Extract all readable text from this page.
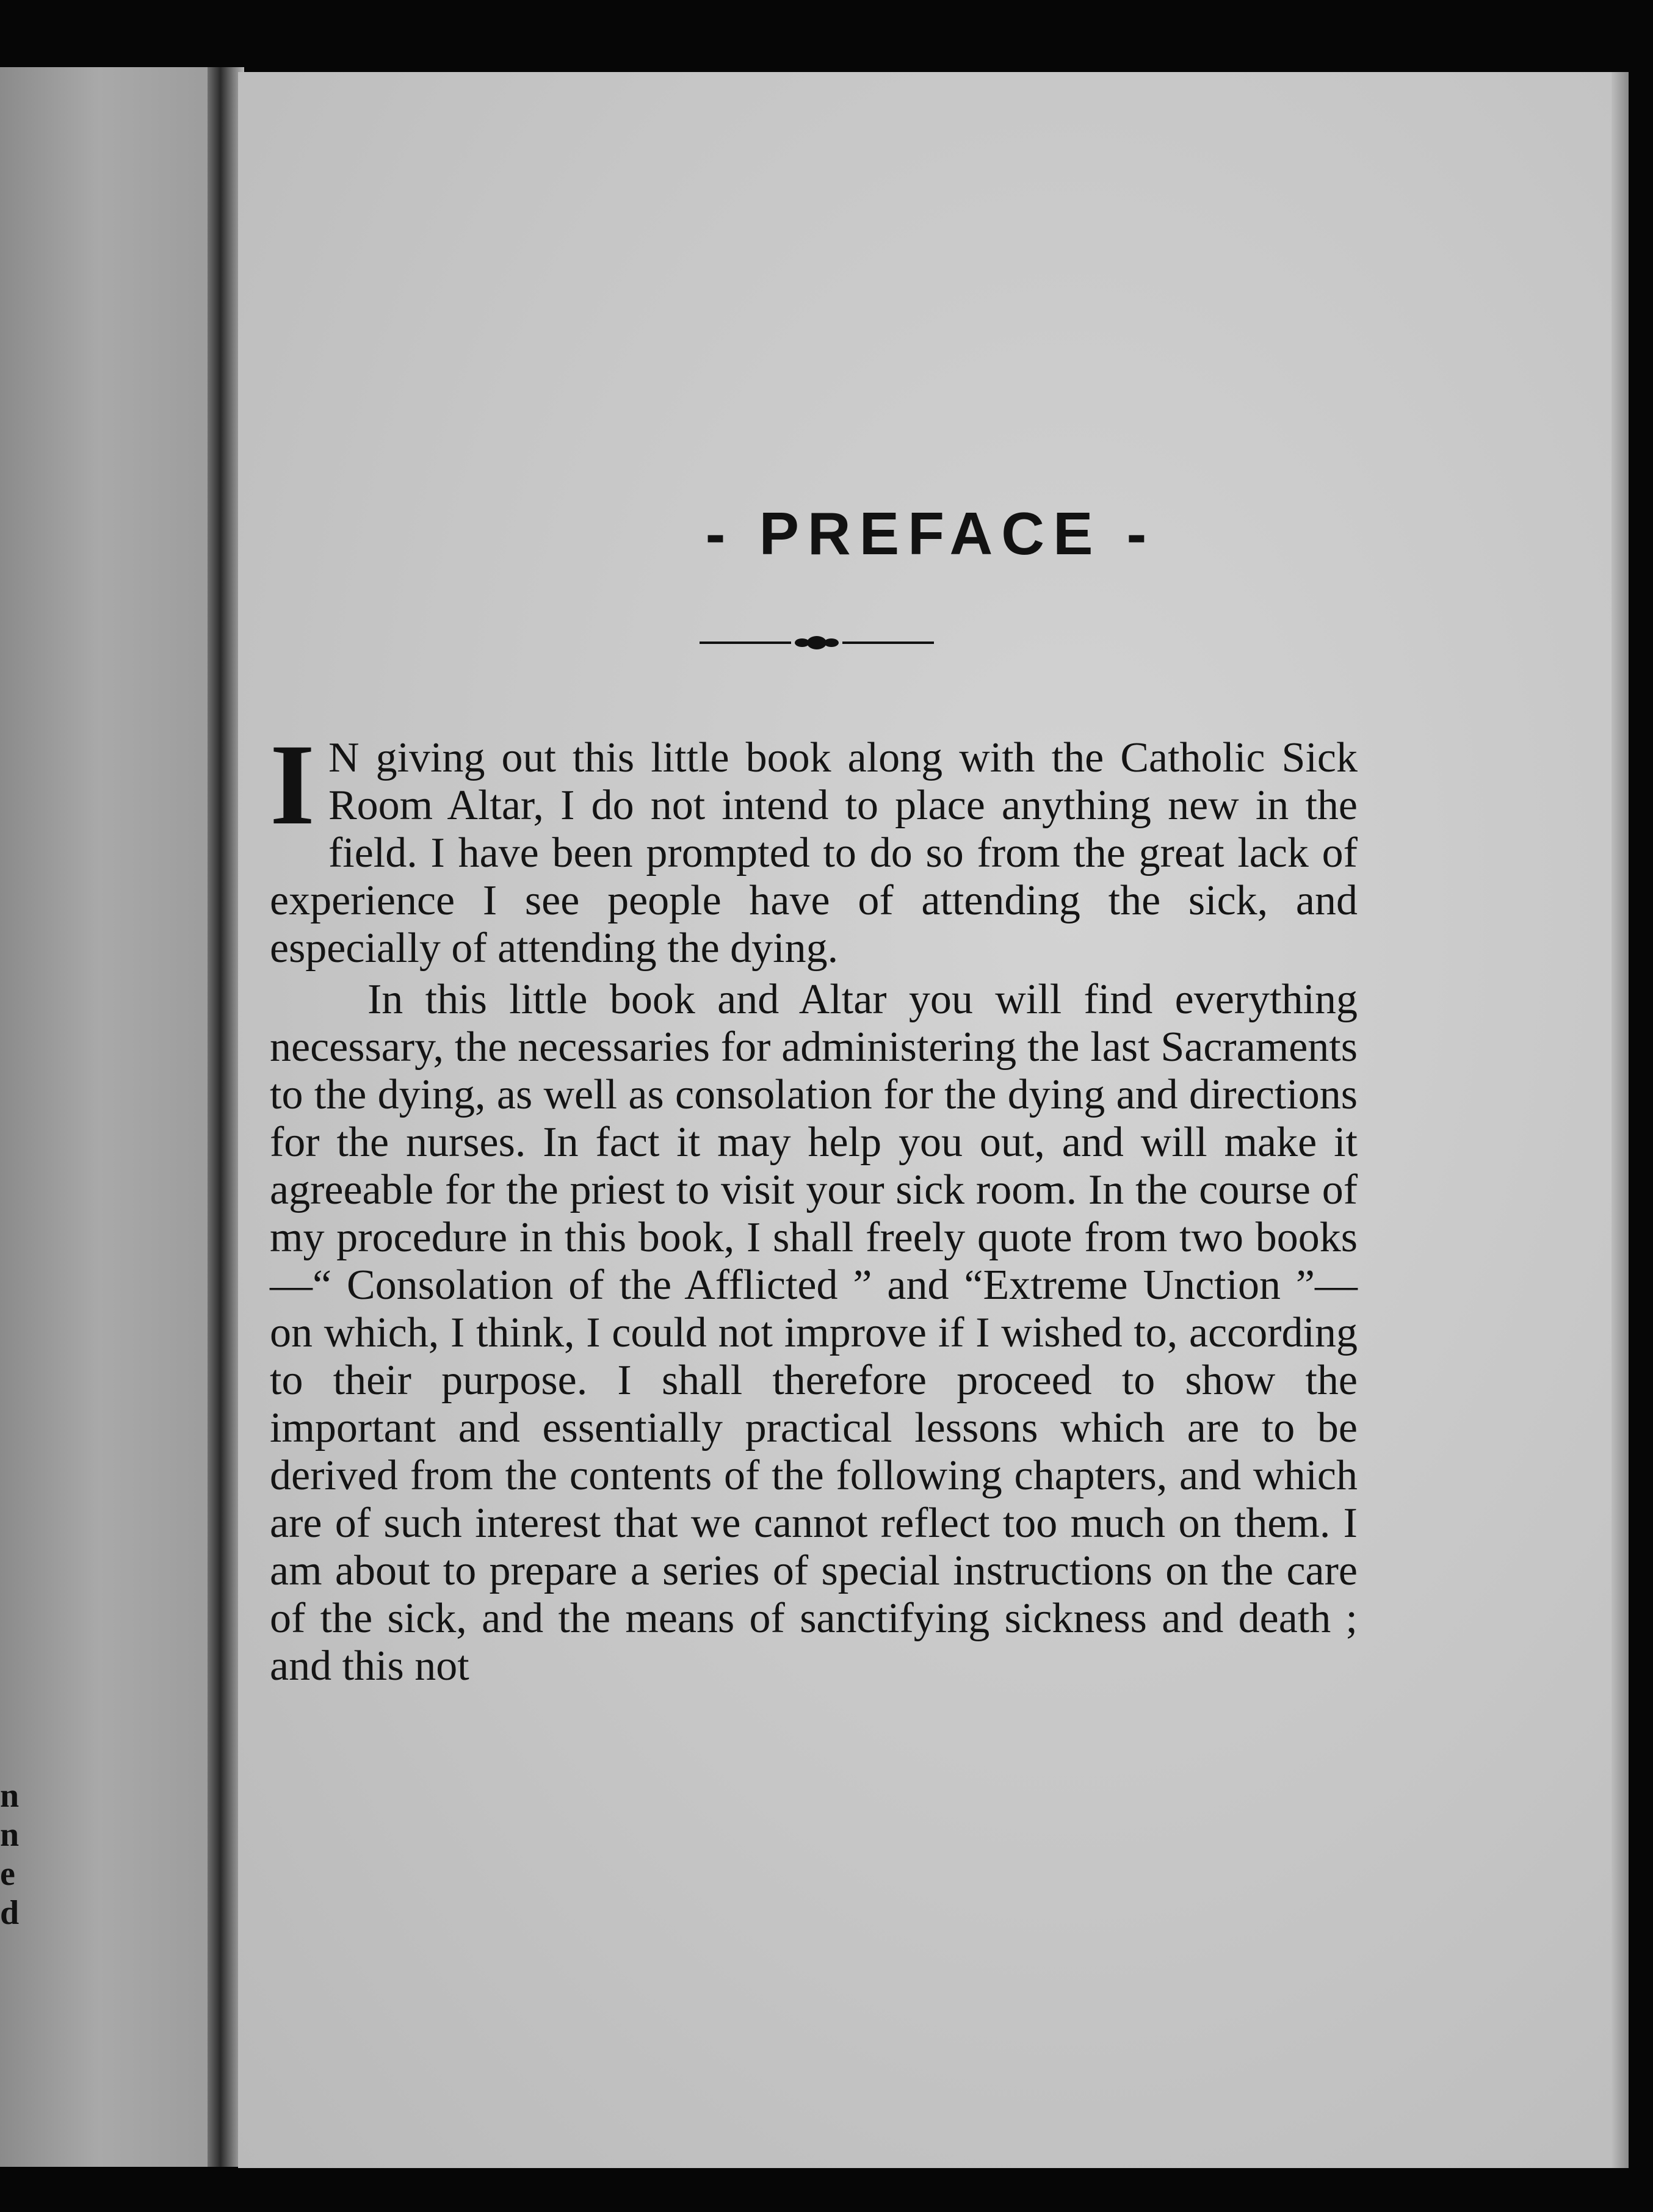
n
n
e
d
- PREFACE -

I N giving out this little book along with the Catholic Sick Room Altar, I do not intend to place anything new in the field. I have been prompted to do so from the great lack of experience I see people have of attending the sick, and especially of attending the dying.

In this little book and Altar you will find everything necessary, the necessaries for administering the last Sacraments to the dying, as well as consolation for the dying and directions for the nurses. In fact it may help you out, and will make it agreeable for the priest to visit your sick room. In the course of my procedure in this book, I shall freely quote from two books—“ Consolation of the Afflicted ” and “Extreme Unction ”—on which, I think, I could not improve if I wished to, according to their purpose. I shall therefore proceed to show the important and essentially practical lessons which are to be derived from the contents of the following chapters, and which are of such interest that we cannot reflect too much on them. I am about to prepare a series of special instructions on the care of the sick, and the means of sanctifying sickness and death ; and this not
